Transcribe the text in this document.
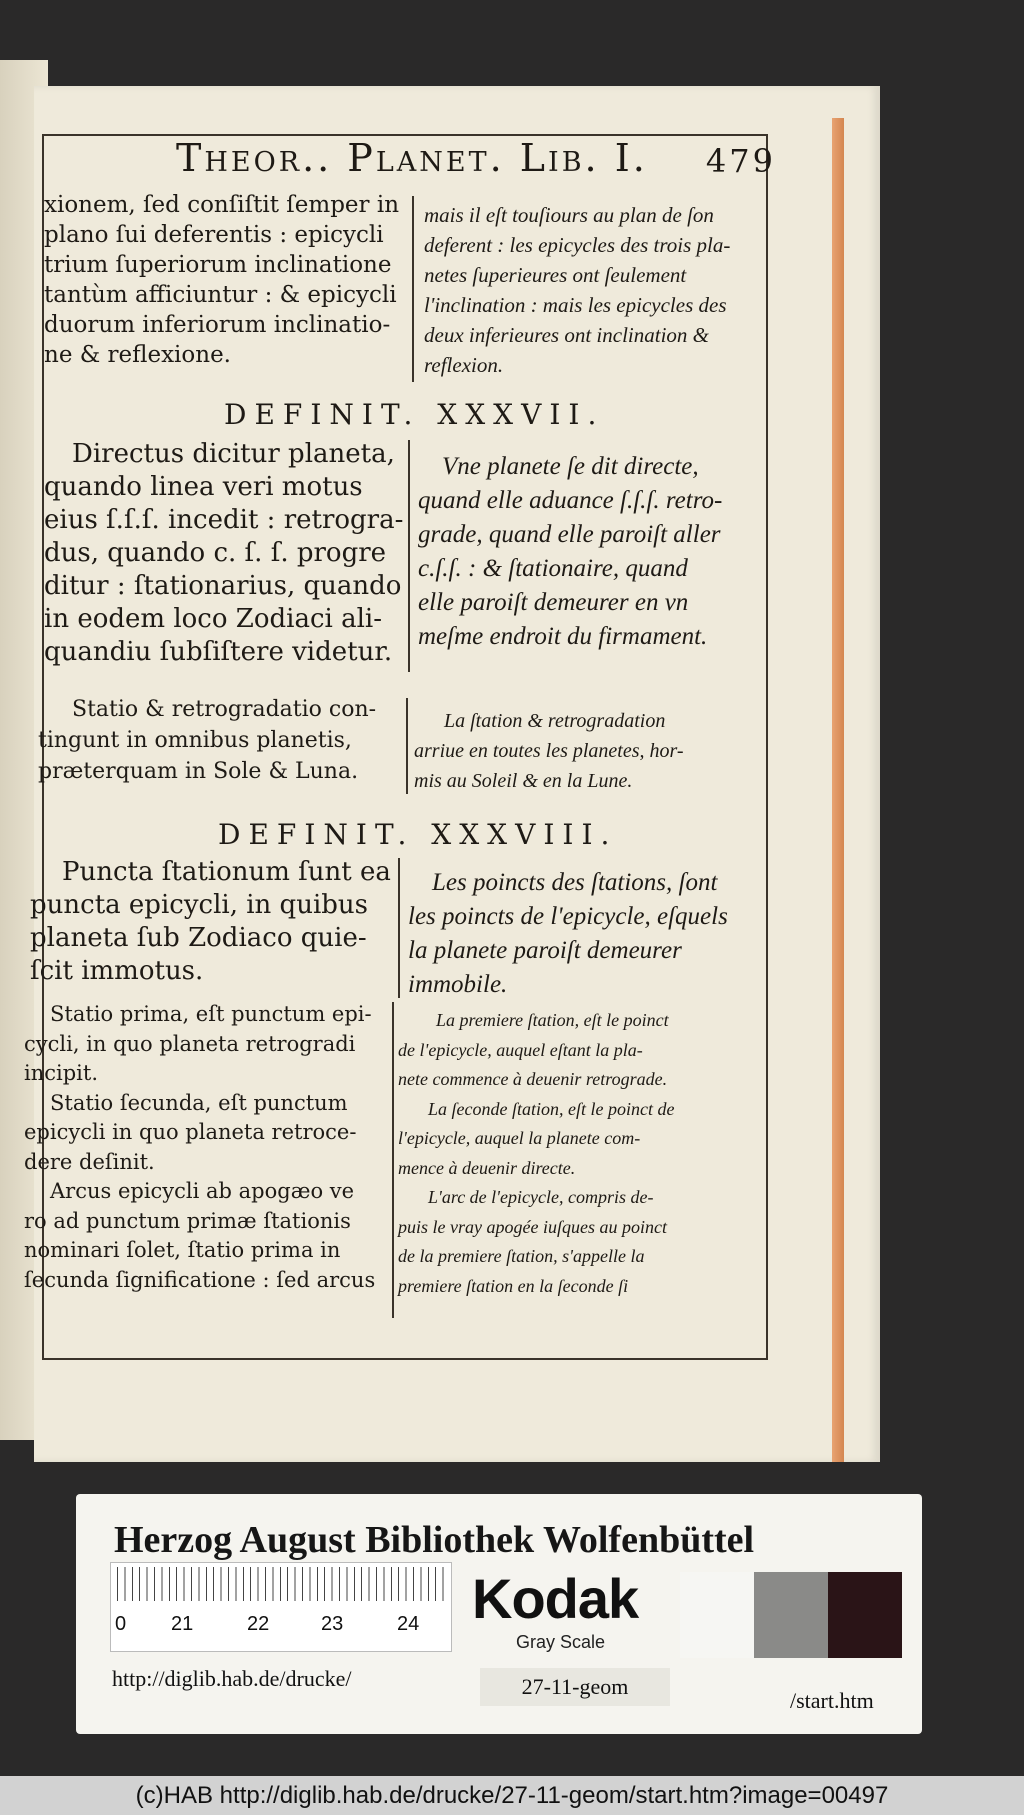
Theor.. Planet. Lib. I. 479
xionem, ſed conſiſtit ſemper in
plano ſui deferentis : epicycli
trium ſuperiorum inclinatione
tantùm afficiuntur : & epicycli
duorum inferiorum inclinatio-
ne & reflexione.
mais il eſt touſiours au plan de ſon
deferent : les epicycles des trois pla-
netes ſuperieures ont ſeulement
l'inclination : mais les epicycles des
deux inferieures ont inclination &
reflexion.
DEFINIT. XXXVII.
Directus dicitur planeta,
quando linea veri motus
eius ſ.ſ.ſ. incedit : retrogra-
dus, quando c. ſ. ſ. progre
ditur : ſtationarius, quando
in eodem loco Zodiaci ali-
quandiu ſubſiſtere videtur.
Vne planete ſe dit directe,
quand elle aduance ſ.ſ.ſ. retro-
grade, quand elle paroiſt aller
c.ſ.ſ. : & ſtationaire, quand
elle paroiſt demeurer en vn
meſme endroit du firmament.
Statio & retrogradatio con-
tingunt in omnibus planetis,
præterquam in Sole & Luna.
La ſtation & retrogradation
arriue en toutes les planetes, hor-
mis au Soleil & en la Lune.
DEFINIT. XXXVIII.
Puncta ſtationum ſunt ea
puncta epicycli, in quibus
planeta ſub Zodiaco quie-
ſcit immotus.
Les poincts des ſtations, ſont
les poincts de l'epicycle, eſquels
la planete paroiſt demeurer
immobile.
Statio prima, eſt punctum epi-
cycli, in quo planeta retrogradi
incipit.
Statio ſecunda, eſt punctum
epicycli in quo planeta retroce-
dere deſinit.
Arcus epicycli ab apogæo ve
ro ad punctum primæ ſtationis
nominari ſolet, ſtatio prima in
ſecunda ſignificatione : ſed arcus
La premiere ſtation, eſt le poinct
de l'epicycle, auquel eſtant la pla-
nete commence à deuenir retrograde.
La ſeconde ſtation, eſt le poinct de
l'epicycle, auquel la planete com-
mence à deuenir directe.
L'arc de l'epicycle, compris de-
puis le vray apogée iuſques au poinct
de la premiere ſtation, s'appelle la
premiere ſtation en la ſeconde ſi
Herzog August Bibliothek Wolfenbüttel
0 21	22	23	24 Kodak
Gray Scale
http://diglib.hab.de/drucke/	27-11-geom
/start.htm
(c)HAB http://diglib.hab.de/drucke/27-11-geom/start.htm?image=00497
